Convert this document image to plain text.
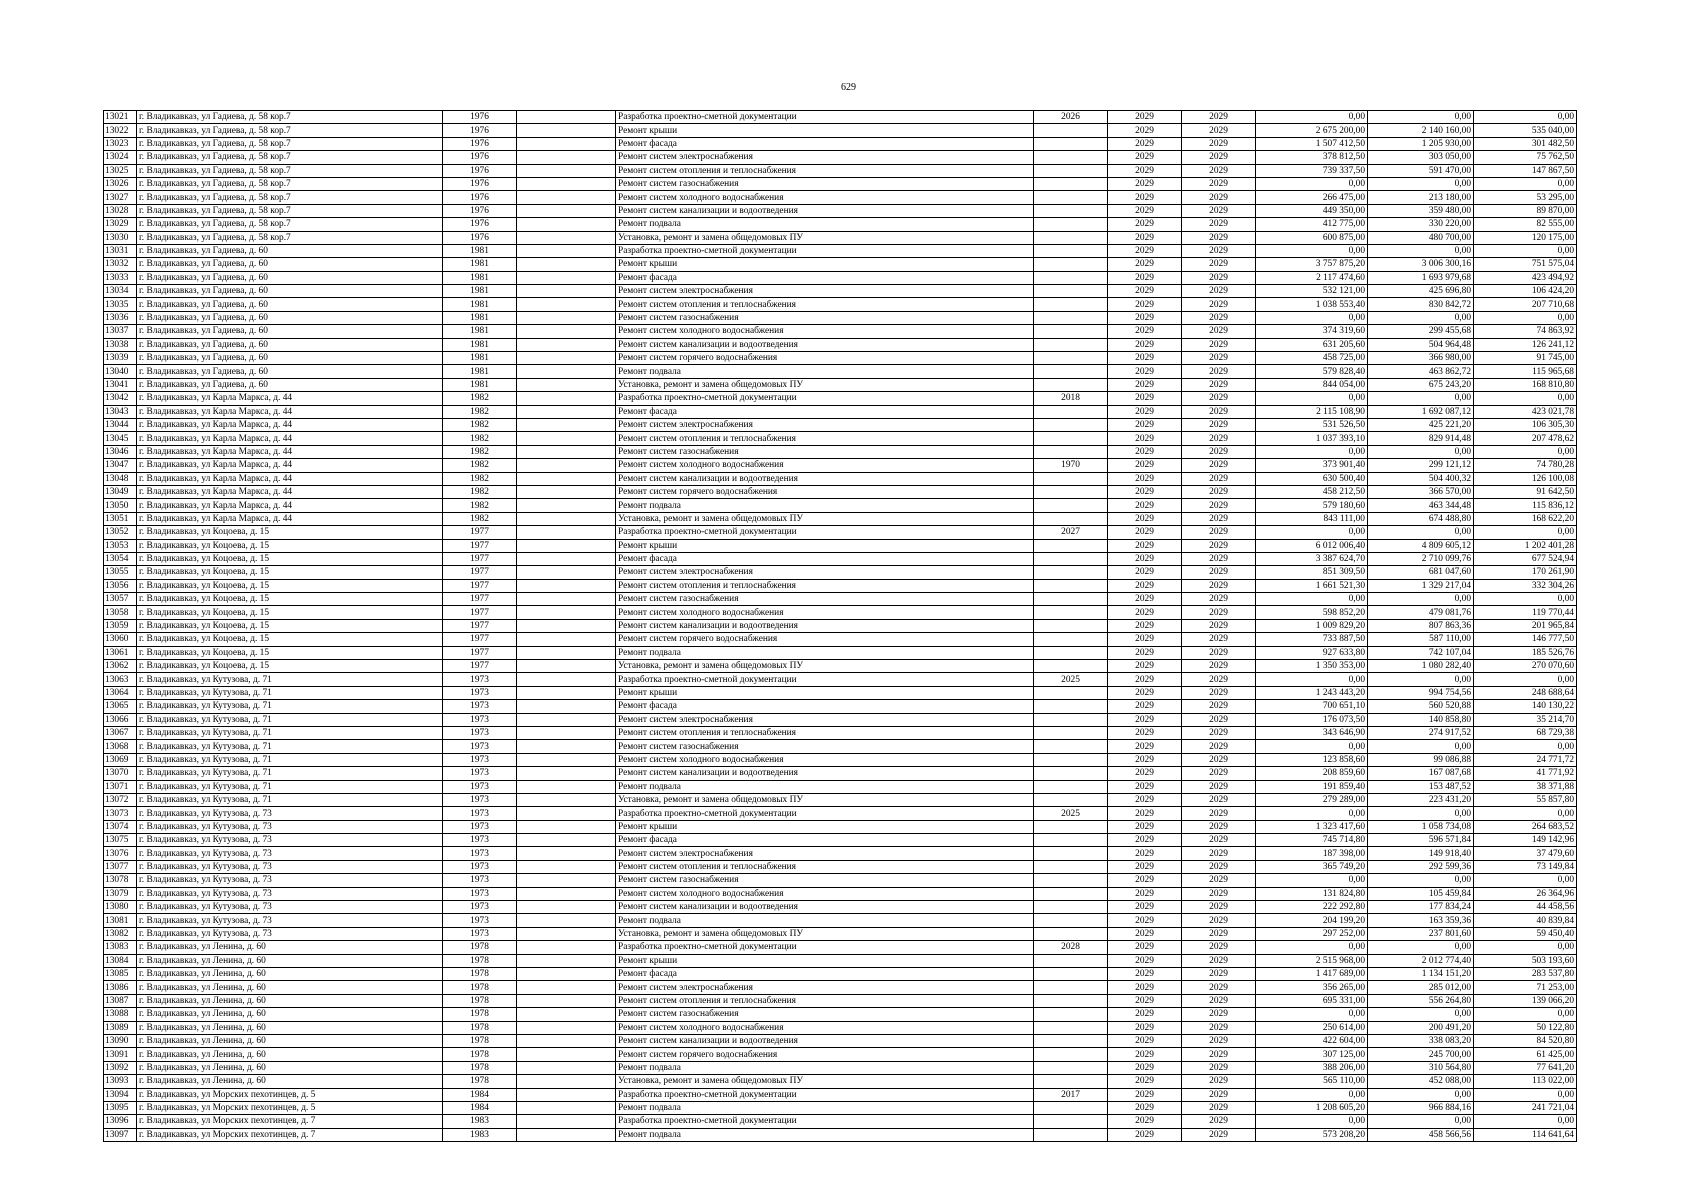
629
13021	г. Владикавказ, ул Гадиева, д. 58 кор.7	1976		Разработка проектно-сметной документации	2026	2029	2029	0,00	0,00	0,00
13022	г. Владикавказ, ул Гадиева, д. 58 кор.7	1976		Ремонт крыши		2029	2029	2 675 200,00	2 140 160,00	535 040,00
13023	г. Владикавказ, ул Гадиева, д. 58 кор.7	1976		Ремонт фасада		2029	2029	1 507 412,50	1 205 930,00	301 482,50
13024	г. Владикавказ, ул Гадиева, д. 58 кор.7	1976		Ремонт систем электроснабжения		2029	2029	378 812,50	303 050,00	75 762,50
13025	г. Владикавказ, ул Гадиева, д. 58 кор.7	1976		Ремонт систем отопления и теплоснабжения		2029	2029	739 337,50	591 470,00	147 867,50
13026	г. Владикавказ, ул Гадиева, д. 58 кор.7	1976		Ремонт систем газоснабжения		2029	2029	0,00	0,00	0,00
13027	г. Владикавказ, ул Гадиева, д. 58 кор.7	1976		Ремонт систем холодного водоснабжения		2029	2029	266 475,00	213 180,00	53 295,00
13028	г. Владикавказ, ул Гадиева, д. 58 кор.7	1976		Ремонт систем канализации и водоотведения		2029	2029	449 350,00	359 480,00	89 870,00
13029	г. Владикавказ, ул Гадиева, д. 58 кор.7	1976		Ремонт подвала		2029	2029	412 775,00	330 220,00	82 555,00
13030	г. Владикавказ, ул Гадиева, д. 58 кор.7	1976		Установка, ремонт и замена общедомовых ПУ		2029	2029	600 875,00	480 700,00	120 175,00
13031	г. Владикавказ, ул Гадиева, д. 60	1981		Разработка проектно-сметной документации		2029	2029	0,00	0,00	0,00
13032	г. Владикавказ, ул Гадиева, д. 60	1981		Ремонт крыши		2029	2029	3 757 875,20	3 006 300,16	751 575,04
13033	г. Владикавказ, ул Гадиева, д. 60	1981		Ремонт фасада		2029	2029	2 117 474,60	1 693 979,68	423 494,92
13034	г. Владикавказ, ул Гадиева, д. 60	1981		Ремонт систем электроснабжения		2029	2029	532 121,00	425 696,80	106 424,20
13035	г. Владикавказ, ул Гадиева, д. 60	1981		Ремонт систем отопления и теплоснабжения		2029	2029	1 038 553,40	830 842,72	207 710,68
13036	г. Владикавказ, ул Гадиева, д. 60	1981		Ремонт систем газоснабжения		2029	2029	0,00	0,00	0,00
13037	г. Владикавказ, ул Гадиева, д. 60	1981		Ремонт систем холодного водоснабжения		2029	2029	374 319,60	299 455,68	74 863,92
13038	г. Владикавказ, ул Гадиева, д. 60	1981		Ремонт систем канализации и водоотведения		2029	2029	631 205,60	504 964,48	126 241,12
13039	г. Владикавказ, ул Гадиева, д. 60	1981		Ремонт систем горячего водоснабжения		2029	2029	458 725,00	366 980,00	91 745,00
13040	г. Владикавказ, ул Гадиева, д. 60	1981		Ремонт подвала		2029	2029	579 828,40	463 862,72	115 965,68
13041	г. Владикавказ, ул Гадиева, д. 60	1981		Установка, ремонт и замена общедомовых ПУ		2029	2029	844 054,00	675 243,20	168 810,80
13042	г. Владикавказ, ул Карла Маркса, д. 44	1982		Разработка проектно-сметной документации	2018	2029	2029	0,00	0,00	0,00
13043	г. Владикавказ, ул Карла Маркса, д. 44	1982		Ремонт фасада		2029	2029	2 115 108,90	1 692 087,12	423 021,78
13044	г. Владикавказ, ул Карла Маркса, д. 44	1982		Ремонт систем электроснабжения		2029	2029	531 526,50	425 221,20	106 305,30
13045	г. Владикавказ, ул Карла Маркса, д. 44	1982		Ремонт систем отопления и теплоснабжения		2029	2029	1 037 393,10	829 914,48	207 478,62
13046	г. Владикавказ, ул Карла Маркса, д. 44	1982		Ремонт систем газоснабжения		2029	2029	0,00	0,00	0,00
13047	г. Владикавказ, ул Карла Маркса, д. 44	1982		Ремонт систем холодного водоснабжения	1970	2029	2029	373 901,40	299 121,12	74 780,28
13048	г. Владикавказ, ул Карла Маркса, д. 44	1982		Ремонт систем канализации и водоотведения		2029	2029	630 500,40	504 400,32	126 100,08
13049	г. Владикавказ, ул Карла Маркса, д. 44	1982		Ремонт систем горячего водоснабжения		2029	2029	458 212,50	366 570,00	91 642,50
13050	г. Владикавказ, ул Карла Маркса, д. 44	1982		Ремонт подвала		2029	2029	579 180,60	463 344,48	115 836,12
13051	г. Владикавказ, ул Карла Маркса, д. 44	1982		Установка, ремонт и замена общедомовых ПУ		2029	2029	843 111,00	674 488,80	168 622,20
13052	г. Владикавказ, ул Коцоева, д. 15	1977		Разработка проектно-сметной документации	2027	2029	2029	0,00	0,00	0,00
13053	г. Владикавказ, ул Коцоева, д. 15	1977		Ремонт крыши		2029	2029	6 012 006,40	4 809 605,12	1 202 401,28
13054	г. Владикавказ, ул Коцоева, д. 15	1977		Ремонт фасада		2029	2029	3 387 624,70	2 710 099,76	677 524,94
13055	г. Владикавказ, ул Коцоева, д. 15	1977		Ремонт систем электроснабжения		2029	2029	851 309,50	681 047,60	170 261,90
13056	г. Владикавказ, ул Коцоева, д. 15	1977		Ремонт систем отопления и теплоснабжения		2029	2029	1 661 521,30	1 329 217,04	332 304,26
13057	г. Владикавказ, ул Коцоева, д. 15	1977		Ремонт систем газоснабжения		2029	2029	0,00	0,00	0,00
13058	г. Владикавказ, ул Коцоева, д. 15	1977		Ремонт систем холодного водоснабжения		2029	2029	598 852,20	479 081,76	119 770,44
13059	г. Владикавказ, ул Коцоева, д. 15	1977		Ремонт систем канализации и водоотведения		2029	2029	1 009 829,20	807 863,36	201 965,84
13060	г. Владикавказ, ул Коцоева, д. 15	1977		Ремонт систем горячего водоснабжения		2029	2029	733 887,50	587 110,00	146 777,50
13061	г. Владикавказ, ул Коцоева, д. 15	1977		Ремонт подвала		2029	2029	927 633,80	742 107,04	185 526,76
13062	г. Владикавказ, ул Коцоева, д. 15	1977		Установка, ремонт и замена общедомовых ПУ		2029	2029	1 350 353,00	1 080 282,40	270 070,60
13063	г. Владикавказ, ул Кутузова, д. 71	1973		Разработка проектно-сметной документации	2025	2029	2029	0,00	0,00	0,00
13064	г. Владикавказ, ул Кутузова, д. 71	1973		Ремонт крыши		2029	2029	1 243 443,20	994 754,56	248 688,64
13065	г. Владикавказ, ул Кутузова, д. 71	1973		Ремонт фасада		2029	2029	700 651,10	560 520,88	140 130,22
13066	г. Владикавказ, ул Кутузова, д. 71	1973		Ремонт систем электроснабжения		2029	2029	176 073,50	140 858,80	35 214,70
13067	г. Владикавказ, ул Кутузова, д. 71	1973		Ремонт систем отопления и теплоснабжения		2029	2029	343 646,90	274 917,52	68 729,38
13068	г. Владикавказ, ул Кутузова, д. 71	1973		Ремонт систем газоснабжения		2029	2029	0,00	0,00	0,00
13069	г. Владикавказ, ул Кутузова, д. 71	1973		Ремонт систем холодного водоснабжения		2029	2029	123 858,60	99 086,88	24 771,72
13070	г. Владикавказ, ул Кутузова, д. 71	1973		Ремонт систем канализации и водоотведения		2029	2029	208 859,60	167 087,68	41 771,92
13071	г. Владикавказ, ул Кутузова, д. 71	1973		Ремонт подвала		2029	2029	191 859,40	153 487,52	38 371,88
13072	г. Владикавказ, ул Кутузова, д. 71	1973		Установка, ремонт и замена общедомовых ПУ		2029	2029	279 289,00	223 431,20	55 857,80
13073	г. Владикавказ, ул Кутузова, д. 73	1973		Разработка проектно-сметной документации	2025	2029	2029	0,00	0,00	0,00
13074	г. Владикавказ, ул Кутузова, д. 73	1973		Ремонт крыши		2029	2029	1 323 417,60	1 058 734,08	264 683,52
13075	г. Владикавказ, ул Кутузова, д. 73	1973		Ремонт фасада		2029	2029	745 714,80	596 571,84	149 142,96
13076	г. Владикавказ, ул Кутузова, д. 73	1973		Ремонт систем электроснабжения		2029	2029	187 398,00	149 918,40	37 479,60
13077	г. Владикавказ, ул Кутузова, д. 73	1973		Ремонт систем отопления и теплоснабжения		2029	2029	365 749,20	292 599,36	73 149,84
13078	г. Владикавказ, ул Кутузова, д. 73	1973		Ремонт систем газоснабжения		2029	2029	0,00	0,00	0,00
13079	г. Владикавказ, ул Кутузова, д. 73	1973		Ремонт систем холодного водоснабжения		2029	2029	131 824,80	105 459,84	26 364,96
13080	г. Владикавказ, ул Кутузова, д. 73	1973		Ремонт систем канализации и водоотведения		2029	2029	222 292,80	177 834,24	44 458,56
13081	г. Владикавказ, ул Кутузова, д. 73	1973		Ремонт подвала		2029	2029	204 199,20	163 359,36	40 839,84
13082	г. Владикавказ, ул Кутузова, д. 73	1973		Установка, ремонт и замена общедомовых ПУ		2029	2029	297 252,00	237 801,60	59 450,40
13083	г. Владикавказ, ул Ленина, д. 60	1978		Разработка проектно-сметной документации	2028	2029	2029	0,00	0,00	0,00
13084	г. Владикавказ, ул Ленина, д. 60	1978		Ремонт крыши		2029	2029	2 515 968,00	2 012 774,40	503 193,60
13085	г. Владикавказ, ул Ленина, д. 60	1978		Ремонт фасада		2029	2029	1 417 689,00	1 134 151,20	283 537,80
13086	г. Владикавказ, ул Ленина, д. 60	1978		Ремонт систем электроснабжения		2029	2029	356 265,00	285 012,00	71 253,00
13087	г. Владикавказ, ул Ленина, д. 60	1978		Ремонт систем отопления и теплоснабжения		2029	2029	695 331,00	556 264,80	139 066,20
13088	г. Владикавказ, ул Ленина, д. 60	1978		Ремонт систем газоснабжения		2029	2029	0,00	0,00	0,00
13089	г. Владикавказ, ул Ленина, д. 60	1978		Ремонт систем холодного водоснабжения		2029	2029	250 614,00	200 491,20	50 122,80
13090	г. Владикавказ, ул Ленина, д. 60	1978		Ремонт систем канализации и водоотведения		2029	2029	422 604,00	338 083,20	84 520,80
13091	г. Владикавказ, ул Ленина, д. 60	1978		Ремонт систем горячего водоснабжения		2029	2029	307 125,00	245 700,00	61 425,00
13092	г. Владикавказ, ул Ленина, д. 60	1978		Ремонт подвала		2029	2029	388 206,00	310 564,80	77 641,20
13093	г. Владикавказ, ул Ленина, д. 60	1978		Установка, ремонт и замена общедомовых ПУ		2029	2029	565 110,00	452 088,00	113 022,00
13094	г. Владикавказ, ул Морских пехотинцев, д. 5	1984		Разработка проектно-сметной документации	2017	2029	2029	0,00	0,00	0,00
13095	г. Владикавказ, ул Морских пехотинцев, д. 5	1984		Ремонт подвала		2029	2029	1 208 605,20	966 884,16	241 721,04
13096	г. Владикавказ, ул Морских пехотинцев, д. 7	1983		Разработка проектно-сметной документации		2029	2029	0,00	0,00	0,00
13097	г. Владикавказ, ул Морских пехотинцев, д. 7	1983		Ремонт подвала		2029	2029	573 208,20	458 566,56	114 641,64
